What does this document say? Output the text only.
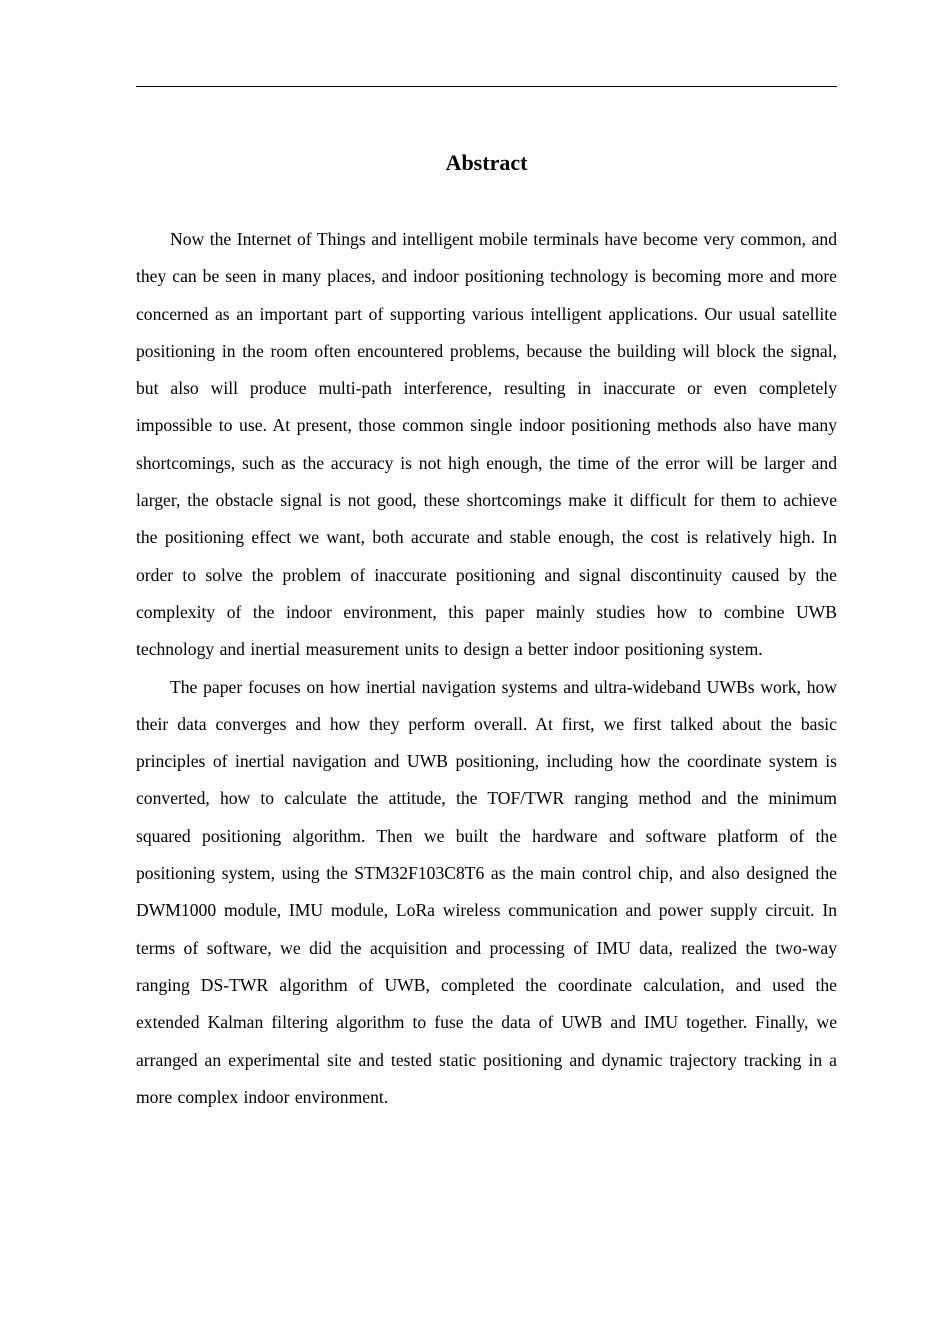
Abstract

Now the Internet of Things and intelligent mobile terminals have become very common, and they can be seen in many places, and indoor positioning technology is becoming more and more concerned as an important part of supporting various intelligent applications. Our usual satellite positioning in the room often encountered problems, because the building will block the signal, but also will produce multi-path interference, resulting in inaccurate or even completely impossible to use. At present, those common single indoor positioning methods also have many shortcomings, such as the accuracy is not high enough, the time of the error will be larger and larger, the obstacle signal is not good, these shortcomings make it difficult for them to achieve the positioning effect we want, both accurate and stable enough, the cost is relatively high. In order to solve the problem of inaccurate positioning and signal discontinuity caused by the complexity of the indoor environment, this paper mainly studies how to combine UWB technology and inertial measurement units to design a better indoor positioning system.

The paper focuses on how inertial navigation systems and ultra-wideband UWBs work, how their data converges and how they perform overall. At first, we first talked about the basic principles of inertial navigation and UWB positioning, including how the coordinate system is converted, how to calculate the attitude, the TOF/TWR ranging method and the minimum squared positioning algorithm. Then we built the hardware and software platform of the positioning system, using the STM32F103C8T6 as the main control chip, and also designed the DWM1000 module, IMU module, LoRa wireless communication and power supply circuit. In terms of software, we did the acquisition and processing of IMU data, realized the two-way ranging DS-TWR algorithm of UWB, completed the coordinate calculation, and used the extended Kalman filtering algorithm to fuse the data of UWB and IMU together. Finally, we arranged an experimental site and tested static positioning and dynamic trajectory tracking in a more complex indoor environment.
